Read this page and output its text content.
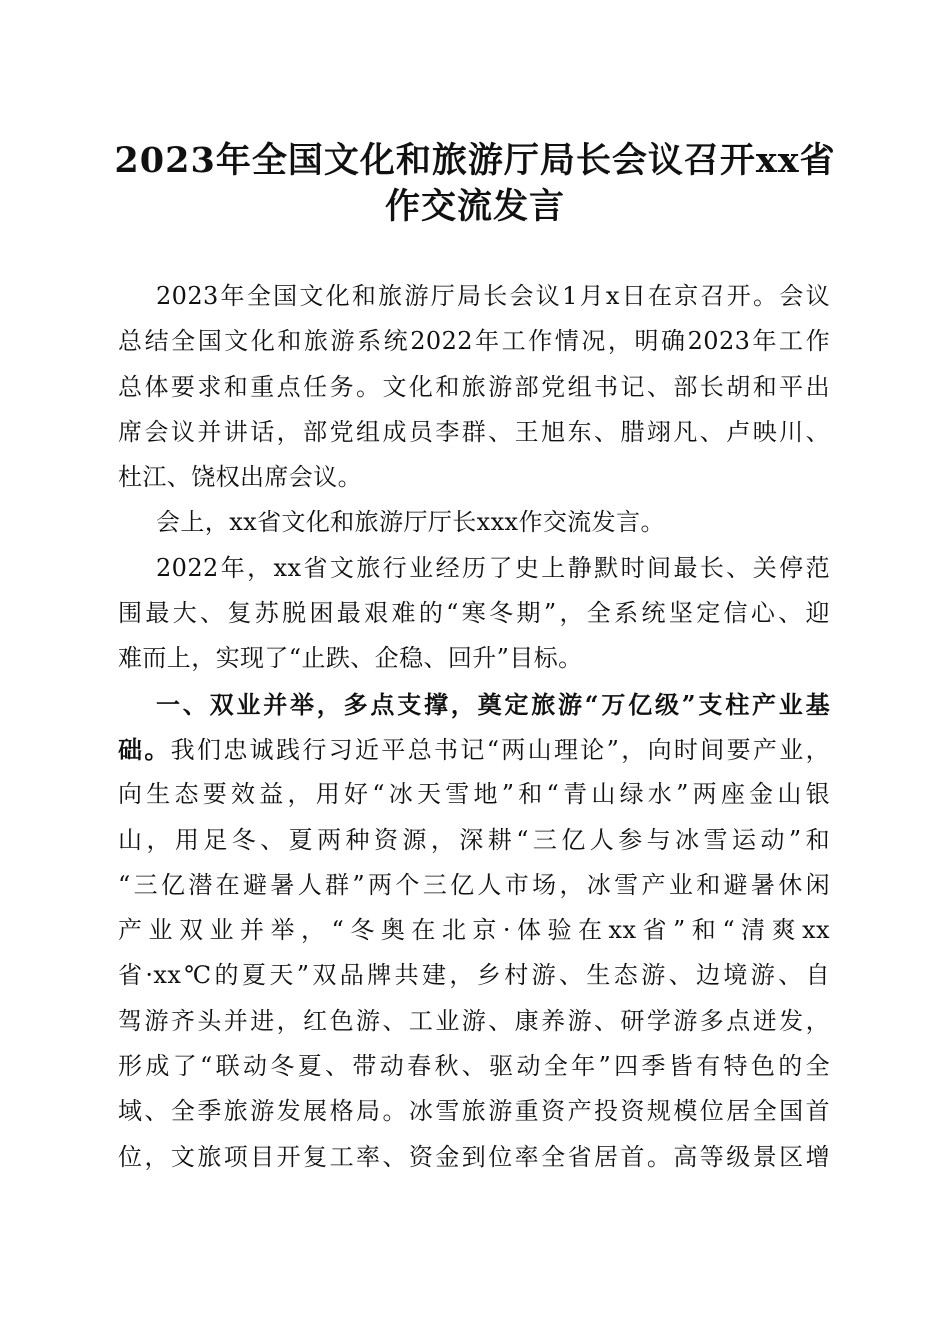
2023年全国文化和旅游厅局长会议召开xx省
作交流发言
2023年全国文化和旅游厅局长会议1月x日在京召开。会议
总结全国文化和旅游系统2022年工作情况，明确2023年工作
总体要求和重点任务。文化和旅游部党组书记、部长胡和平出
席会议并讲话，部党组成员李群、王旭东、腊翊凡、卢映川、
杜江、饶权出席会议。
会上，xx省文化和旅游厅厅长xxx作交流发言。
2022年，xx省文旅行业经历了史上静默时间最长、关停范
围最大、复苏脱困最艰难的“寒冬期”，全系统坚定信心、迎
难而上，实现了“止跌、企稳、回升”目标。
一、双业并举，多点支撑，奠定旅游“万亿级”支柱产业基
础。我们忠诚践行习近平总书记“两山理论”，向时间要产业，
向生态要效益，用好“冰天雪地”和“青山绿水”两座金山银
山，用足冬、夏两种资源，深耕“三亿人参与冰雪运动”和
“三亿潜在避暑人群”两个三亿人市场，冰雪产业和避暑休闲
产业双业并举，“冬奥在北京·体验在xx省”和“清爽xx
省·xx℃的夏天”双品牌共建，乡村游、生态游、边境游、自
驾游齐头并进，红色游、工业游、康养游、研学游多点迸发，
形成了“联动冬夏、带动春秋、驱动全年”四季皆有特色的全
域、全季旅游发展格局。冰雪旅游重资产投资规模位居全国首
位，文旅项目开复工率、资金到位率全省居首。高等级景区增
